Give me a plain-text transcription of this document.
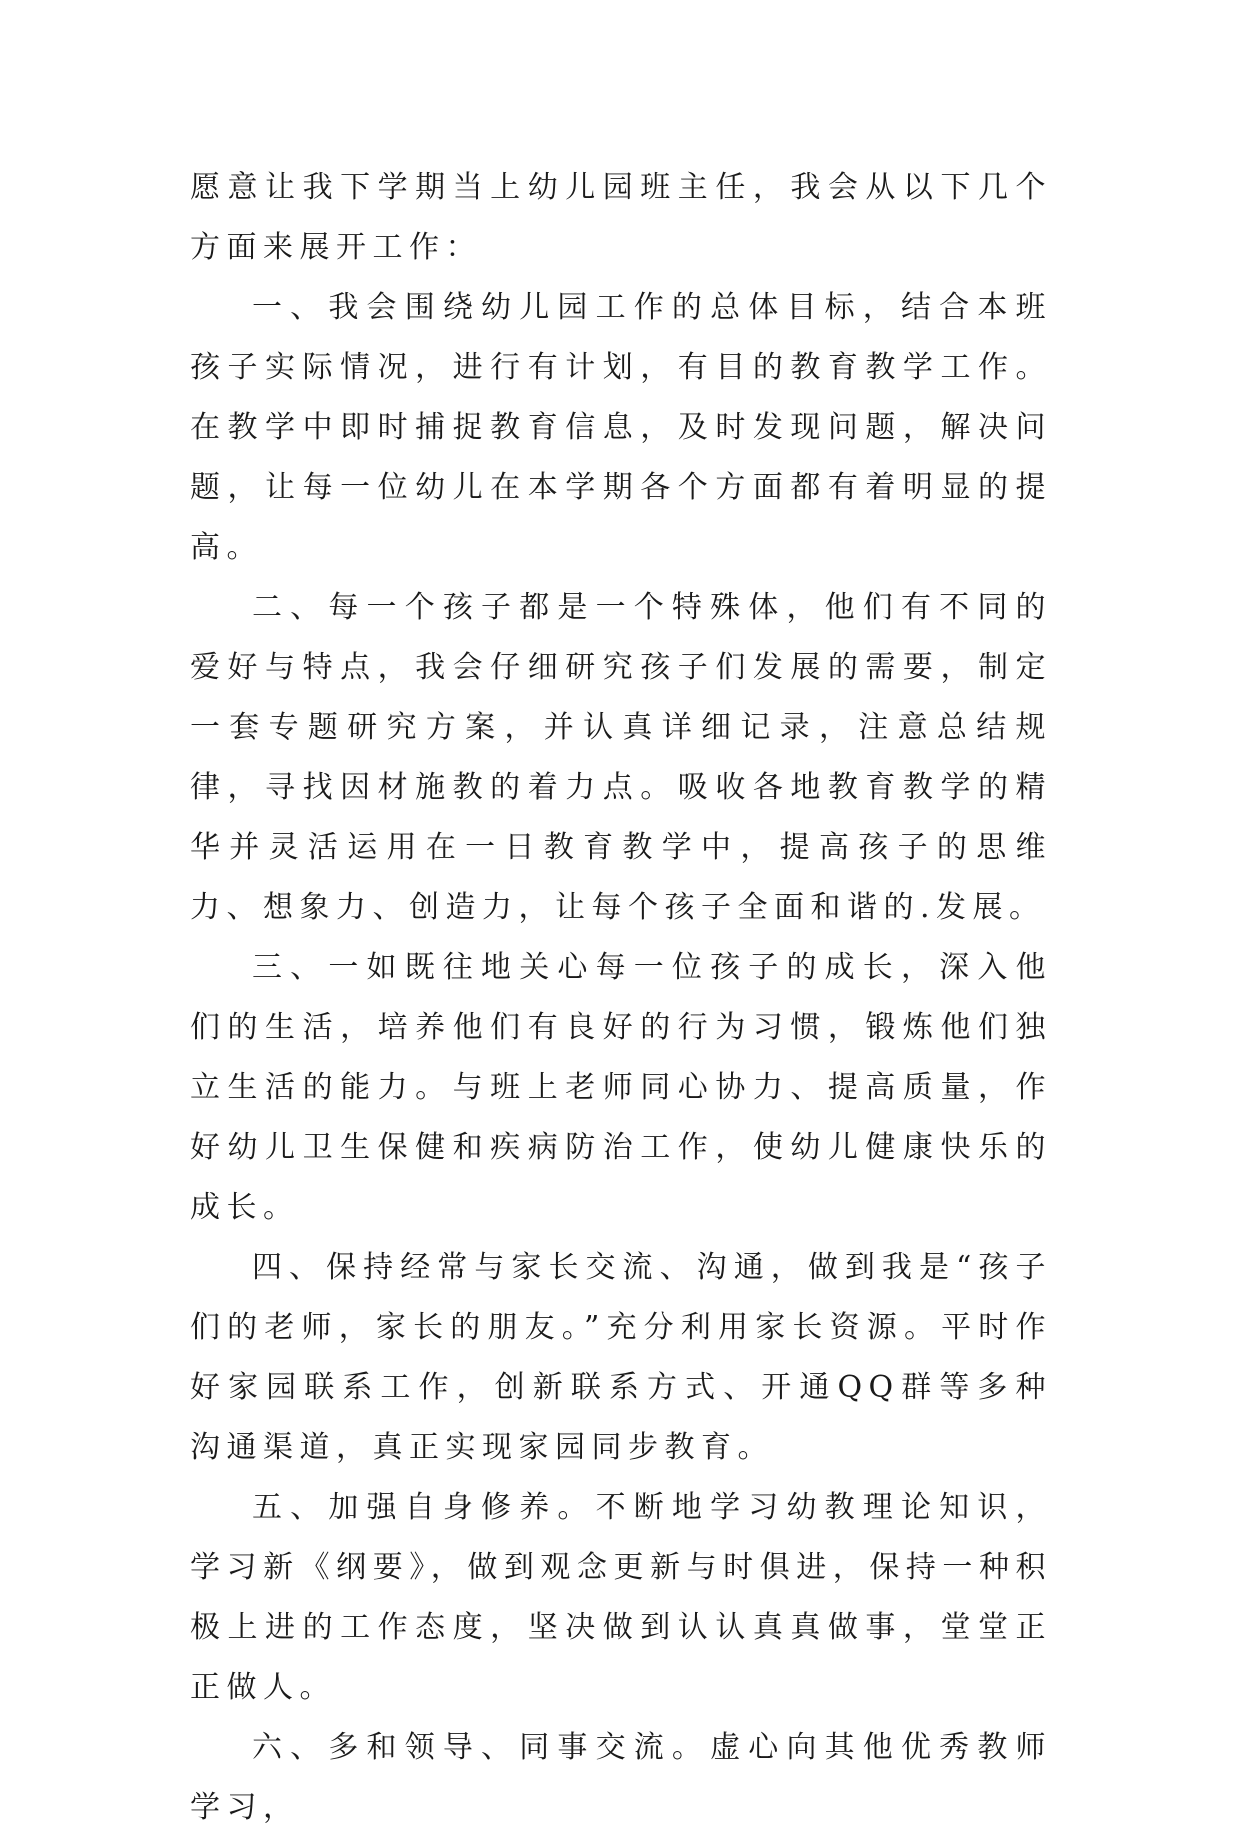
愿意让我下学期当上幼儿园班主任，我会从以下几个方面来展开工作：

一、我会围绕幼儿园工作的总体目标，结合本班孩子实际情况，进行有计划，有目的教育教学工作。在教学中即时捕捉教育信息，及时发现问题，解决问题，让每一位幼儿在本学期各个方面都有着明显的提高。

二、每一个孩子都是一个特殊体，他们有不同的爱好与特点，我会仔细研究孩子们发展的需要，制定一套专题研究方案，并认真详细记录，注意总结规律，寻找因材施教的着力点。吸收各地教育教学的精华并灵活运用在一日教育教学中，提高孩子的思维力、想象力、创造力，让每个孩子全面和谐的.发展。

三、一如既往地关心每一位孩子的成长，深入他们的生活，培养他们有良好的行为习惯，锻炼他们独立生活的能力。与班上老师同心协力、提高质量，作好幼儿卫生保健和疾病防治工作，使幼儿健康快乐的成长。

四、保持经常与家长交流、沟通，做到我是“孩子们的老师，家长的朋友。”充分利用家长资源。平时作好家园联系工作，创新联系方式、开通QQ群等多种沟通渠道，真正实现家园同步教育。

五、加强自身修养。不断地学习幼教理论知识，学习新《纲要》，做到观念更新与时俱进，保持一种积极上进的工作态度，坚决做到认认真真做事，堂堂正正做人。

六、多和领导、同事交流。虚心向其他优秀教师学习，
